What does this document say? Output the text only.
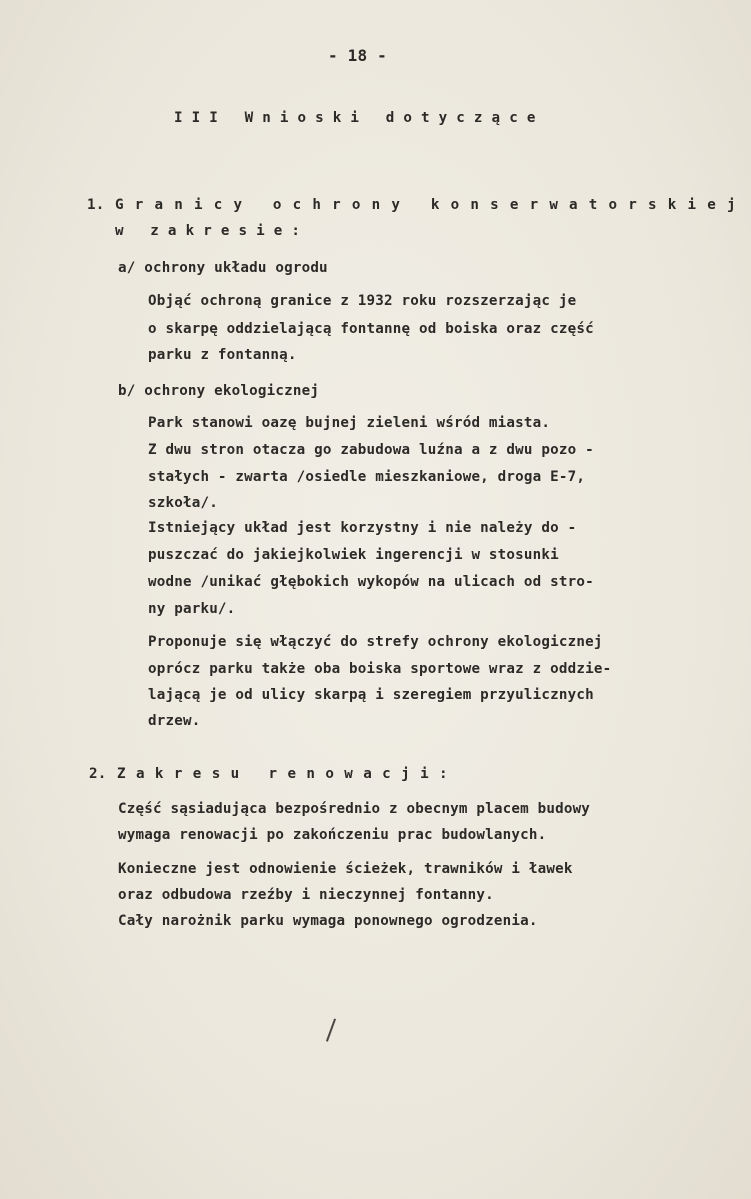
- 18 -
III Wnioski dotyczące
1. Granicy ochrony konserwatorskiej
w zakresie:
a/ ochrony układu ogrodu
Objąć ochroną granice z 1932 roku rozszerzając je
o skarpę oddzielającą fontannę od boiska oraz część
parku z fontanną.
b/ ochrony ekologicznej
Park stanowi oazę bujnej zieleni wśród miasta.
Z dwu stron otacza go zabudowa luźna a z dwu pozo -
stałych - zwarta /osiedle mieszkaniowe, droga E-7,
szkoła/.
Istniejący układ jest korzystny i nie należy do -
puszczać do jakiejkolwiek ingerencji w stosunki
wodne /unikać głębokich wykopów na ulicach od stro-
ny parku/.
Proponuje się włączyć do strefy ochrony ekologicznej
oprócz parku także oba boiska sportowe wraz z oddzie-
lającą je od ulicy skarpą i szeregiem przyulicznych
drzew.
2. Zakresu renowacji:
Część sąsiadująca bezpośrednio z obecnym placem budowy
wymaga renowacji po zakończeniu prac budowlanych.
Konieczne jest odnowienie ścieżek, trawników i ławek
oraz odbudowa rzeźby i nieczynnej fontanny.
Cały narożnik parku wymaga ponownego ogrodzenia.
